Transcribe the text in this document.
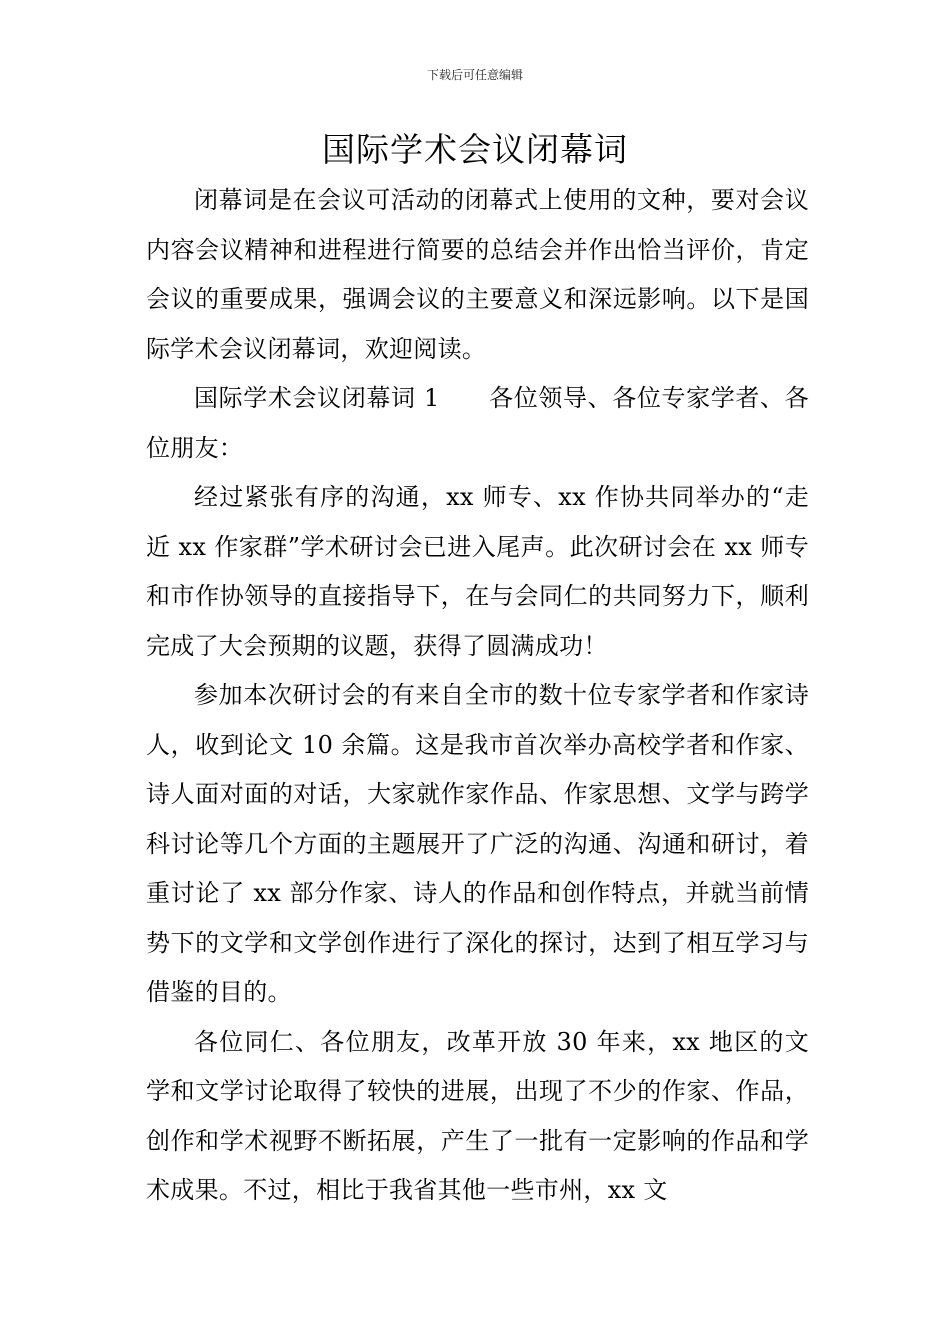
下载后可任意编辑
国际学术会议闭幕词

闭幕词是在会议可活动的闭幕式上使用的文种，要对会议内容会议精神和进程进行简要的总结会并作出恰当评价，肯定会议的重要成果，强调会议的主要意义和深远影响。以下是国际学术会议闭幕词，欢迎阅读。

国际学术会议闭幕词 1　　各位领导、各位专家学者、各位朋友：

经过紧张有序的沟通，xx 师专、xx 作协共同举办的“走近 xx 作家群”学术研讨会已进入尾声。此次研讨会在 xx 师专和市作协领导的直接指导下，在与会同仁的共同努力下，顺利完成了大会预期的议题，获得了圆满成功！

参加本次研讨会的有来自全市的数十位专家学者和作家诗人，收到论文 10 余篇。这是我市首次举办高校学者和作家、诗人面对面的对话，大家就作家作品、作家思想、文学与跨学科讨论等几个方面的主题展开了广泛的沟通、沟通和研讨，着重讨论了 xx 部分作家、诗人的作品和创作特点，并就当前情势下的文学和文学创作进行了深化的探讨，达到了相互学习与借鉴的目的。

各位同仁、各位朋友，改革开放 30 年来，xx 地区的文学和文学讨论取得了较快的进展，出现了不少的作家、作品，创作和学术视野不断拓展，产生了一批有一定影响的作品和学术成果。不过，相比于我省其他一些市州，xx 文
